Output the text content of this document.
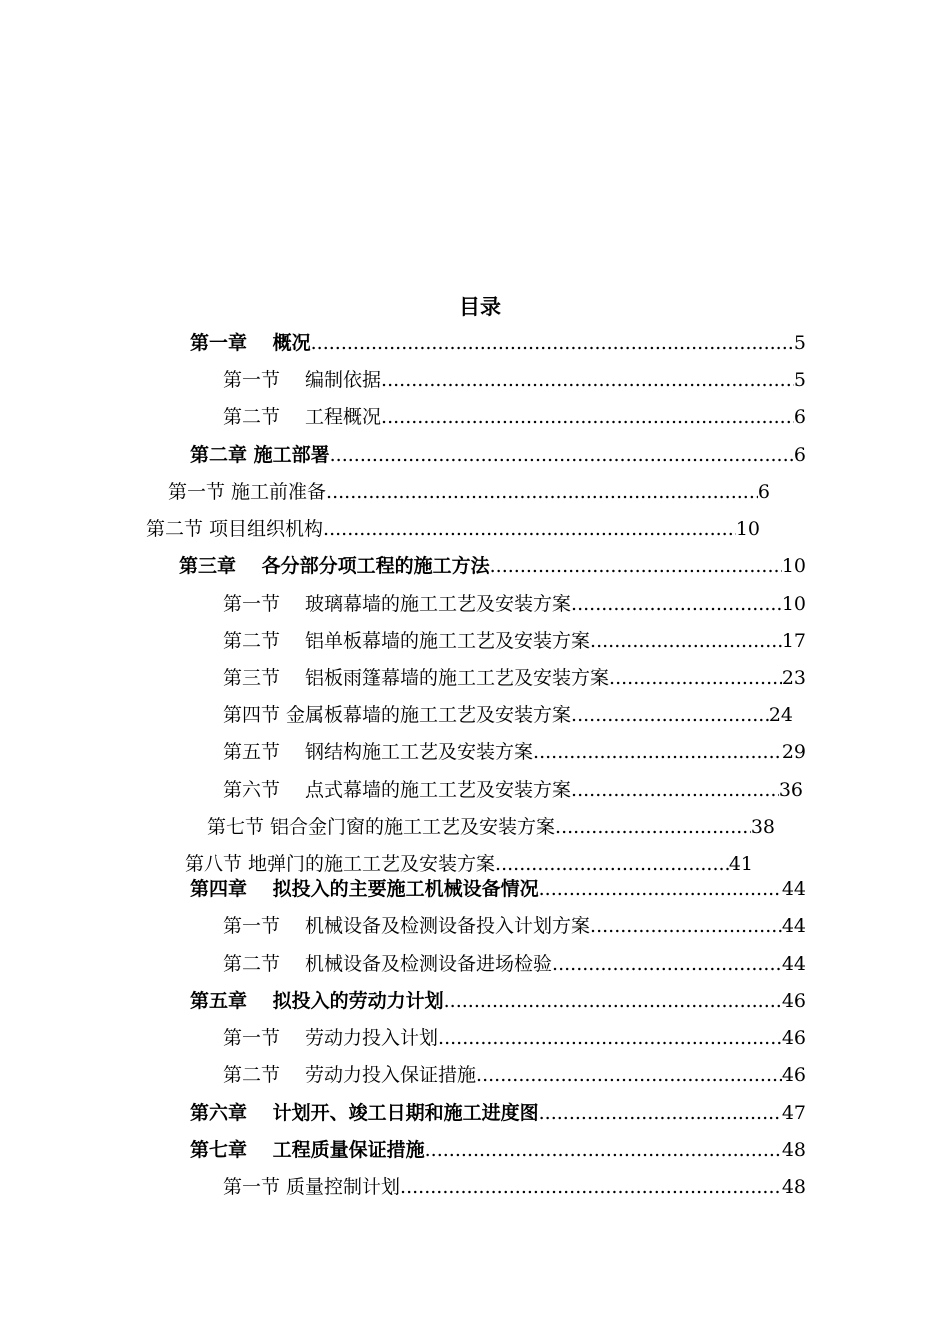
目录
第一章　 概况 .....	5
第一节　 编制依据 .....	5
第二节　 工程概况 .....	6
第二章 施工部署 .....	6
第一节 施工前准备 .....	6
第二节 项目组织机构 .....	10
第三章　 各分部分项工程的施工方法 .....	10
第一节　 玻璃幕墙的施工工艺及安装方案 .....	10
第二节　 铝单板幕墙的施工工艺及安装方案 .....	17
第三节　 铝板雨篷幕墙的施工工艺及安装方案 .....	23
第四节 金属板幕墙的施工工艺及安装方案 .....	24
第五节　 钢结构施工工艺及安装方案 .....	29
第六节　 点式幕墙的施工工艺及安装方案. .....	36
第七节 铝合金门窗的施工工艺及安装方案 .....	38
第八节 地弹门的施工工艺及安装方案 .....	41
第四章　 拟投入的主要施工机械设备情况 .....	44
第一节　 机械设备及检测设备投入计划方案 .....	44
第二节　 机械设备及检测设备进场检验 .....	44
第五章　 拟投入的劳动力计划 .....	46
第一节　 劳动力投入计划 .....	46
第二节　 劳动力投入保证措施 .....	46
第六章　 计划开、竣工日期和施工进度图 .....	47
第七章　 工程质量保证措施 .....	48
第一节 质量控制计划 .....	48
